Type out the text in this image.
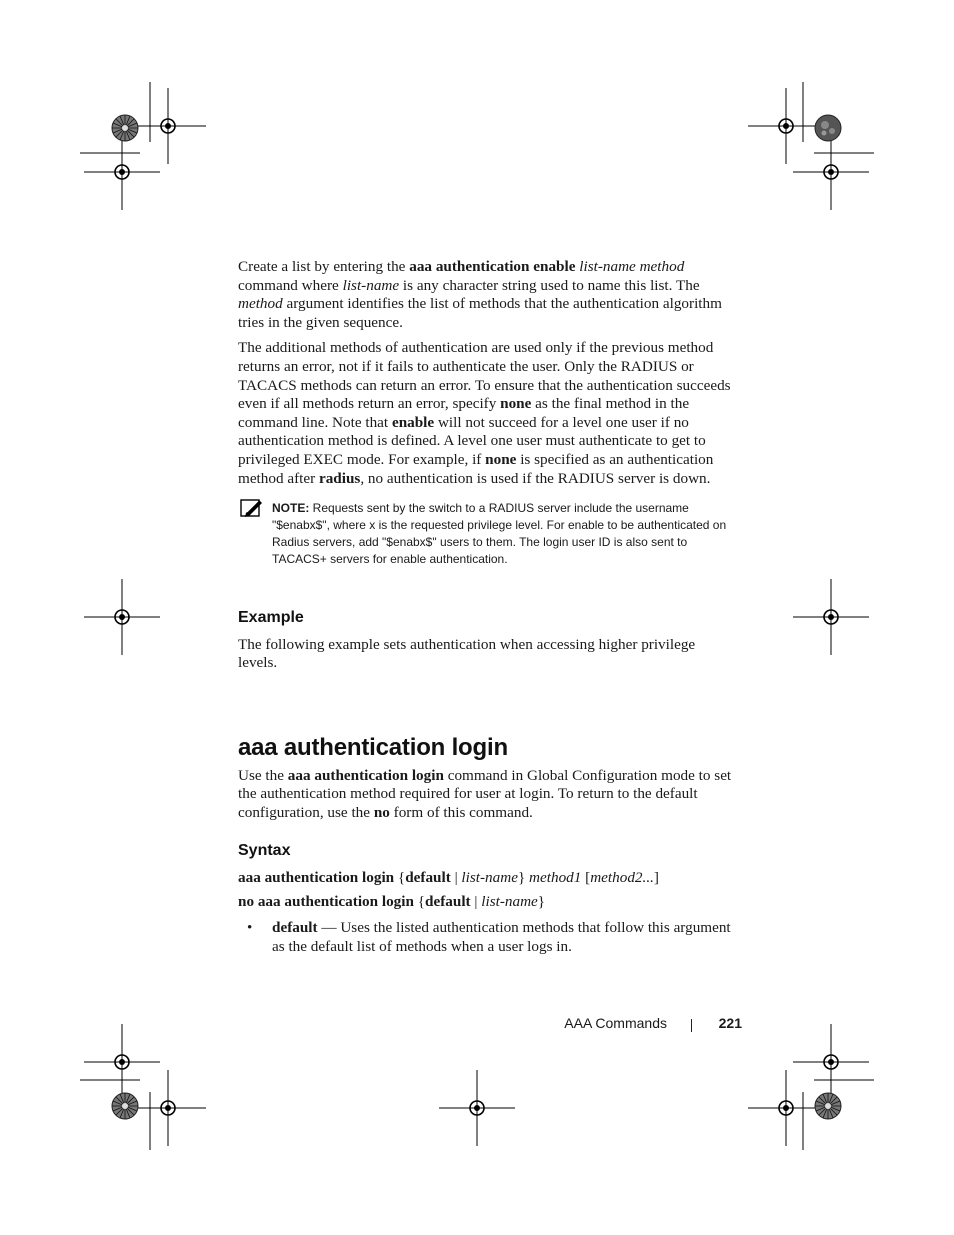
Create a list by entering the aaa authentication enable list-name method command where list-name is any character string used to name this list. The method argument identifies the list of methods that the authentication algorithm tries in the given sequence.

The additional methods of authentication are used only if the previous method returns an error, not if it fails to authenticate the user. Only the RADIUS or TACACS methods can return an error. To ensure that the authentication succeeds even if all methods return an error, specify none as the final method in the command line. Note that enable will not succeed for a level one user if no authentication method is defined. A level one user must authenticate to get to privileged EXEC mode. For example, if none is specified as an authentication method after radius, no authentication is used if the RADIUS server is down.

NOTE: Requests sent by the switch to a RADIUS server include the username "$enabx$", where x is the requested privilege level. For enable to be authenticated on Radius servers, add "$enabx$" users to them. The login user ID is also sent to TACACS+ servers for enable authentication.
Example

The following example sets authentication when accessing higher privilege levels.

aaa authentication login

Use the aaa authentication login command in Global Configuration mode to set the authentication method required for user at login. To return to the default configuration, use the no form of this command.

Syntax

aaa authentication login {default | list-name} method1 [method2...]

no aaa authentication login {default | list-name}

• default — Uses the listed authentication methods that follow this argument as the default list of methods when a user logs in.
AAA Commands	221
